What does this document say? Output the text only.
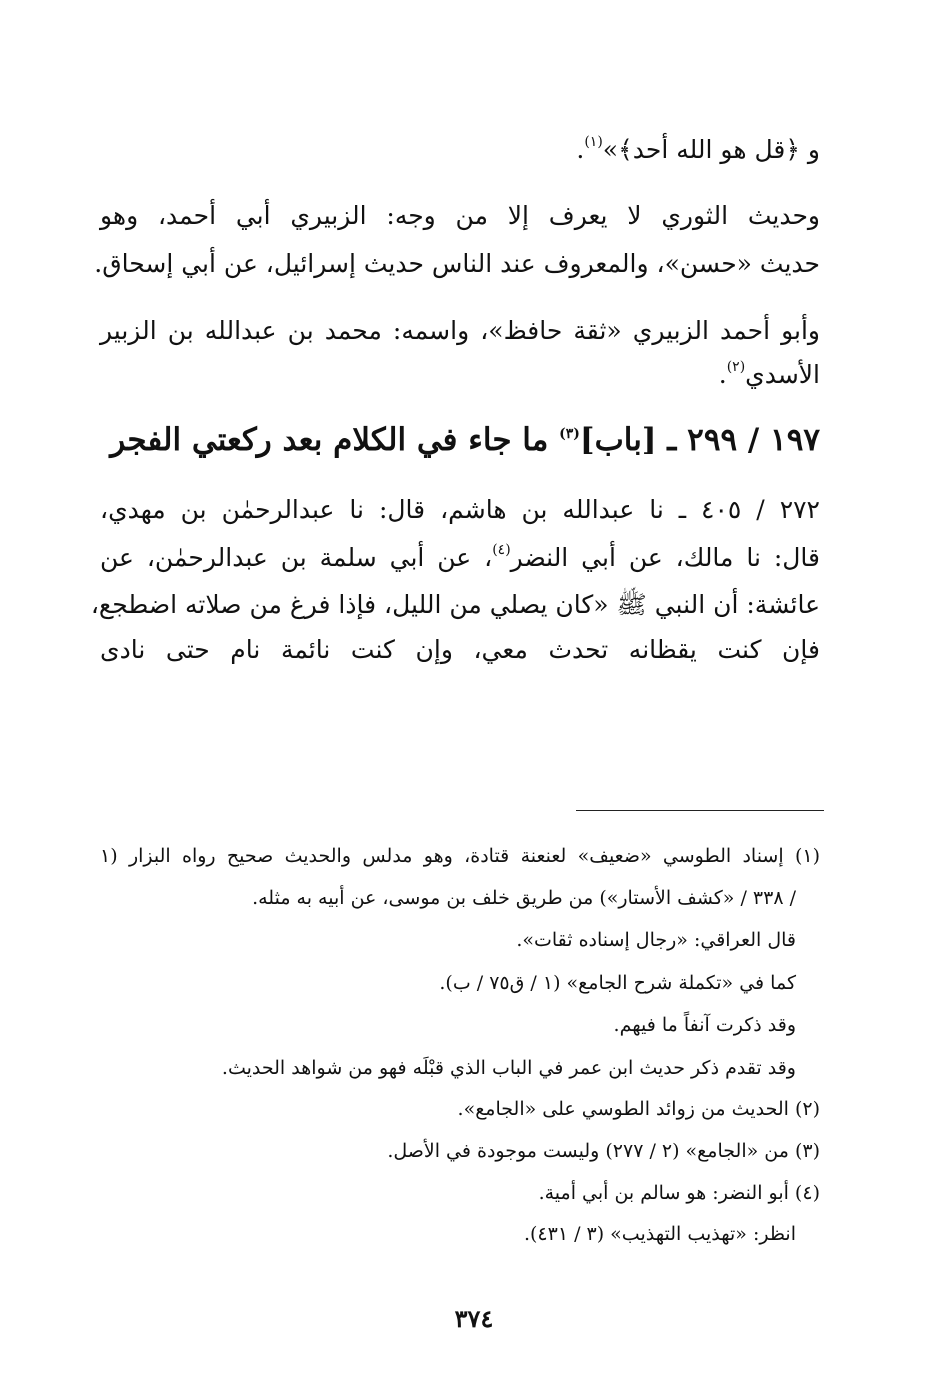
و ﴿قل هو الله أحد﴾»$^{(١)}$.
وحديث الثوري لا يعرف إلا من وجه: الزبيري أبي أحمد، وهو
حديث «حسن»، والمعروف عند الناس حديث إسرائيل، عن أبي إسحاق.
وأبو أحمد الزبيري «ثقة حافظ»، واسمه: محمد بن عبدالله بن الزبير
الأسدي$^{(٢)}$.
١٩٧ / ٢٩٩ ـ [باب]$^{(٣)}$ ما جاء في الكلام بعد ركعتي الفجر
٢٧٢ / ٤٠٥ ـ نا عبدالله بن هاشم، قال: نا عبدالرحمٰن بن مهدي،
قال: نا مالك، عن أبي النضر$^{(٤)}$، عن أبي سلمة بن عبدالرحمٰن، عن
عائشة: أن النبي ﷺ «كان يصلي من الليل، فإذا فرغ من صلاته اضطجع،
فإن كنت يقظانه تحدث معي، وإن كنت نائمة نام حتى نادى
(١) إسناد الطوسي «ضعيف» لعنعنة قتادة، وهو مدلس والحديث صحيح رواه البزار (١
/ ٣٣٨ / «كشف الأستار») من طريق خلف بن موسى، عن أبيه به مثله.
قال العراقي: «رجال إسناده ثقات».
كما في «تكملة شرح الجامع» (١ / ق٧٥ / ب).
وقد ذكرت آنفاً ما فيهم.
وقد تقدم ذكر حديث ابن عمر في الباب الذي قبْلَه فهو من شواهد الحديث.
(٢) الحديث من زوائد الطوسي على «الجامع».
(٣) من «الجامع» (٢ / ٢٧٧) وليست موجودة في الأصل.
(٤) أبو النضر: هو سالم بن أبي أمية.
انظر: «تهذيب التهذيب» (٣ / ٤٣١).
٣٧٤
